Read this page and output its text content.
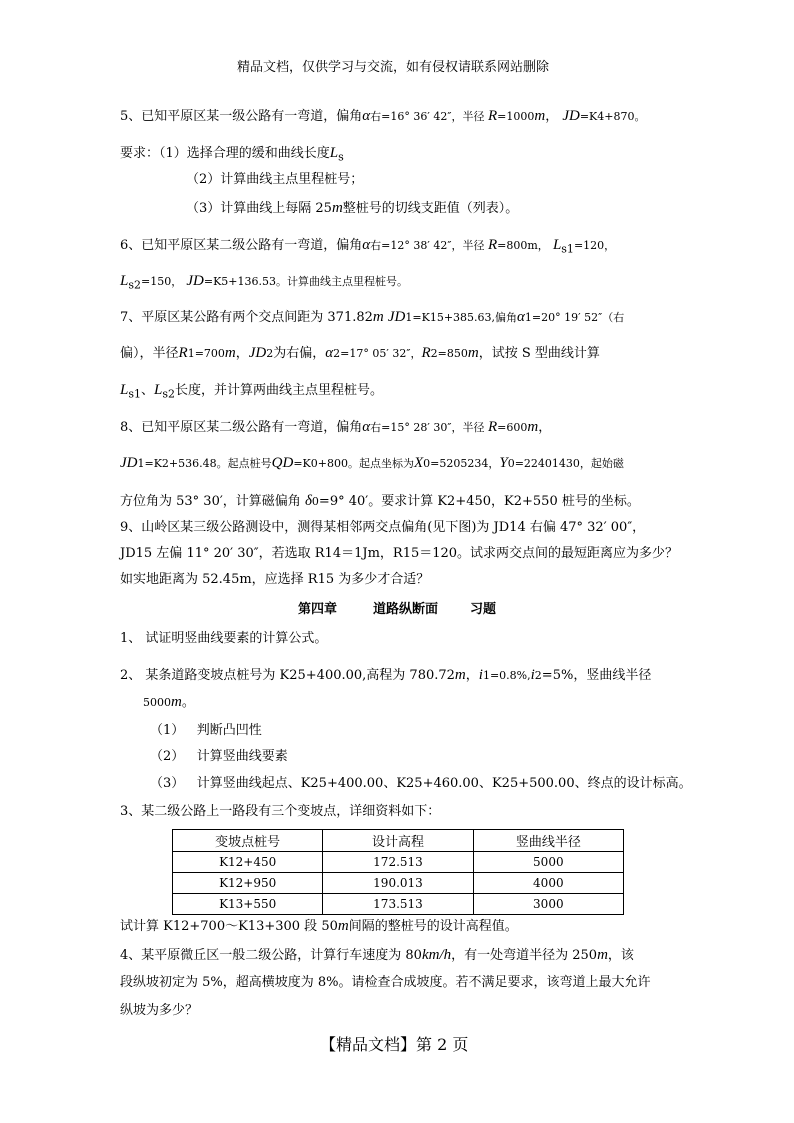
精品文档，仅供学习与交流，如有侵权请联系网站删除
5、已知平原区某一级公路有一弯道，偏角α右=16° 36′ 42″，半径 R=1000m， JD=K4+870。
要求：（1）选择合理的缓和曲线长度$L_s$
（2）计算曲线主点里程桩号；
（3）计算曲线上每隔 25m整桩号的切线支距值（列表）。
6、已知平原区某二级公路有一弯道，偏角α右=12° 38′ 42″，半径 R=800m， $L_{s1}=120$，
$L_{s2}=150$， JD=K5+136.53。计算曲线主点里程桩号。
7、平原区某公路有两个交点间距为 371.82m JD1=K15+385.63,偏角α1=20° 19′ 52″（右
偏），半径R1=700m，JD2为右偏，α2=17° 05′ 32″，R2=850m，试按 S 型曲线计算
$L_{s1}$、$L_{s2}$长度，并计算两曲线主点里程桩号。
8、已知平原区某二级公路有一弯道，偏角α右=15° 28′ 30″，半径 R=600m，
JD1=K2+536.48。起点桩号QD=K0+800。起点坐标为X0=5205234，Y0=22401430，起始磁
方位角为 53° 30′，计算磁偏角 δ0=9° 40′。要求计算 K2+450，K2+550 桩号的坐标。
9、山岭区某三级公路测设中，测得某相邻两交点偏角(见下图)为 JD14 右偏 47° 32′ 00″，
JD15 左偏 11° 20′ 30″，若选取 R14＝1Jm，R15＝120。试求两交点间的最短距离应为多少？
如实地距离为 52.45m，应选择 R15 为多少才合适？
第四章	道路纵断面 习题
1、 试证明竖曲线要素的计算公式。
2、 某条道路变坡点桩号为 K25+400.00,高程为 780.72m，i1=0.8%,i2=5%，竖曲线半径
5000m。
（1） 判断凸凹性
（2） 计算竖曲线要素
（3） 计算竖曲线起点、K25+400.00、K25+460.00、K25+500.00、终点的设计标高。
3、某二级公路上一路段有三个变坡点，详细资料如下：
变坡点桩号	设计高程	竖曲线半径
K12+450	172.513	5000
K12+950	190.013	4000
K13+550	173.513	3000
试计算 K12+700～K13+300 段 50m间隔的整桩号的设计高程值。
4、某平原微丘区一般二级公路，计算行车速度为 80km/h，有一处弯道半径为 250m，该
段纵坡初定为 5%，超高横坡度为 8%。请检查合成坡度。若不满足要求，该弯道上最大允许
纵坡为多少？
【精品文档】第 2 页
